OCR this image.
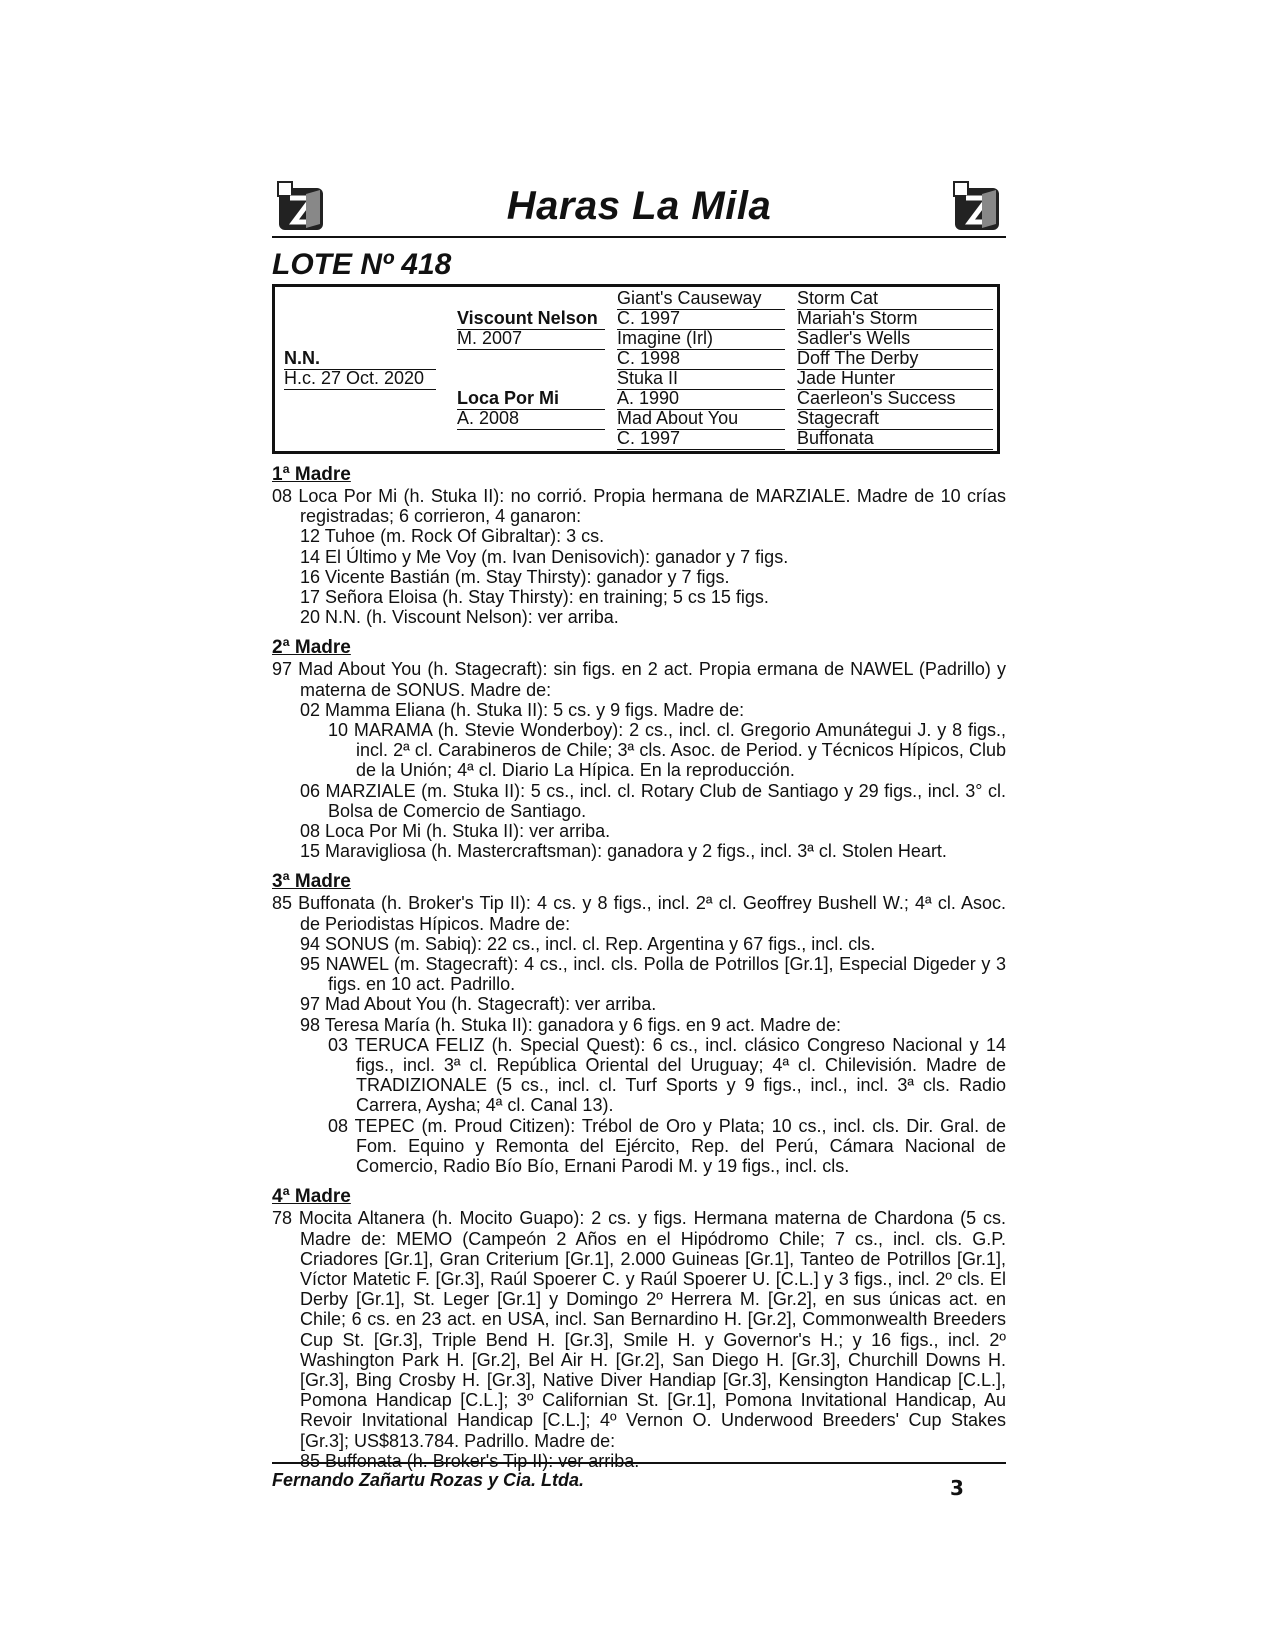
Haras La Mila
LOTE Nº 418
N.N.
H.c. 27 Oct. 2020
Viscount Nelson
M. 2007
Loca Por Mi
A. 2008
Giant's Causeway
C. 1997
Imagine (Irl)
C. 1998
Stuka II
A. 1990
Mad About You
C. 1997
Storm Cat
Mariah's Storm
Sadler's Wells
Doff The Derby
Jade Hunter
Caerleon's Success
Stagecraft
Buffonata
1ª Madre
08 Loca Por Mi (h. Stuka II): no corrió. Propia hermana de MARZIALE. Madre de 10 crías registradas; 6 corrieron, 4 ganaron:
12 Tuhoe (m. Rock Of Gibraltar): 3 cs.
14 El Último y Me Voy (m. Ivan Denisovich): ganador y 7 figs.
16 Vicente Bastián (m. Stay Thirsty): ganador y 7 figs.
17 Señora Eloisa (h. Stay Thirsty): en training; 5 cs 15 figs.
20 N.N. (h. Viscount Nelson): ver arriba.
2ª Madre
97 Mad About You (h. Stagecraft): sin figs. en 2 act. Propia ermana de NAWEL (Padrillo) y materna de SONUS. Madre de:
02 Mamma Eliana (h. Stuka II): 5 cs. y 9 figs. Madre de:
10 MARAMA (h. Stevie Wonderboy): 2 cs., incl. cl. Gregorio Amunátegui J. y 8 figs., incl. 2ª cl. Carabineros de Chile; 3ª cls. Asoc. de Period. y Técnicos Hípicos, Club de la Unión; 4ª cl. Diario La Hípica. En la reproducción.
06 MARZIALE (m. Stuka II): 5 cs., incl. cl. Rotary Club de Santiago y 29 figs., incl. 3° cl. Bolsa de Comercio de Santiago.
08 Loca Por Mi (h. Stuka II): ver arriba.
15 Maravigliosa (h. Mastercraftsman): ganadora y 2 figs., incl. 3ª cl. Stolen Heart.
3ª Madre
85 Buffonata (h. Broker's Tip II): 4 cs. y 8 figs., incl. 2ª cl. Geoffrey Bushell W.; 4ª cl. Asoc. de Periodistas Hípicos. Madre de:
94 SONUS (m. Sabiq): 22 cs., incl. cl. Rep. Argentina y 67 figs., incl. cls.
95 NAWEL (m. Stagecraft): 4 cs., incl. cls. Polla de Potrillos [Gr.1], Especial Digeder y 3 figs. en 10 act. Padrillo.
97 Mad About You (h. Stagecraft): ver arriba.
98 Teresa María (h. Stuka II): ganadora y 6 figs. en 9 act. Madre de:
03 TERUCA FELIZ (h. Special Quest): 6 cs., incl. clásico Congreso Nacional y 14 figs., incl. 3ª cl. República Oriental del Uruguay; 4ª cl. Chilevisión. Madre de TRADIZIONALE (5 cs., incl. cl. Turf Sports y 9 figs., incl., incl. 3ª cls. Radio Carrera, Aysha; 4ª cl. Canal 13).
08 TEPEC (m. Proud Citizen): Trébol de Oro y Plata; 10 cs., incl. cls. Dir. Gral. de Fom. Equino y Remonta del Ejército, Rep. del Perú, Cámara Nacional de Comercio, Radio Bío Bío, Ernani Parodi M. y 19 figs., incl. cls.
4ª Madre
78 Mocita Altanera (h. Mocito Guapo): 2 cs. y figs. Hermana materna de Chardona (5 cs. Madre de: MEMO (Campeón 2 Años en el Hipódromo Chile; 7 cs., incl. cls. G.P. Criadores [Gr.1], Gran Criterium [Gr.1], 2.000 Guineas [Gr.1], Tanteo de Potrillos [Gr.1], Víctor Matetic F. [Gr.3], Raúl Spoerer C. y Raúl Spoerer U. [C.L.] y 3 figs., incl. 2º cls. El Derby [Gr.1], St. Leger [Gr.1] y Domingo 2º Herrera M. [Gr.2], en sus únicas act. en Chile; 6 cs. en 23 act. en USA, incl. San Bernardino H. [Gr.2], Commonwealth Breeders Cup St. [Gr.3], Triple Bend H. [Gr.3], Smile H. y Governor's H.; y 16 figs., incl. 2º Washington Park H. [Gr.2], Bel Air H. [Gr.2], San Diego H. [Gr.3], Churchill Downs H. [Gr.3], Bing Crosby H. [Gr.3], Native Diver Handiap [Gr.3], Kensington Handicap [C.L.], Pomona Handicap [C.L.]; 3º Californian St. [Gr.1], Pomona Invitational Handicap, Au Revoir Invitational Handicap [C.L.]; 4º Vernon O. Underwood Breeders' Cup Stakes [Gr.3]; US$813.784. Padrillo. Madre de:
85 Buffonata (h. Broker's Tip II): ver arriba.
Fernando Zañartu Rozas y Cia. Ltda.	3
